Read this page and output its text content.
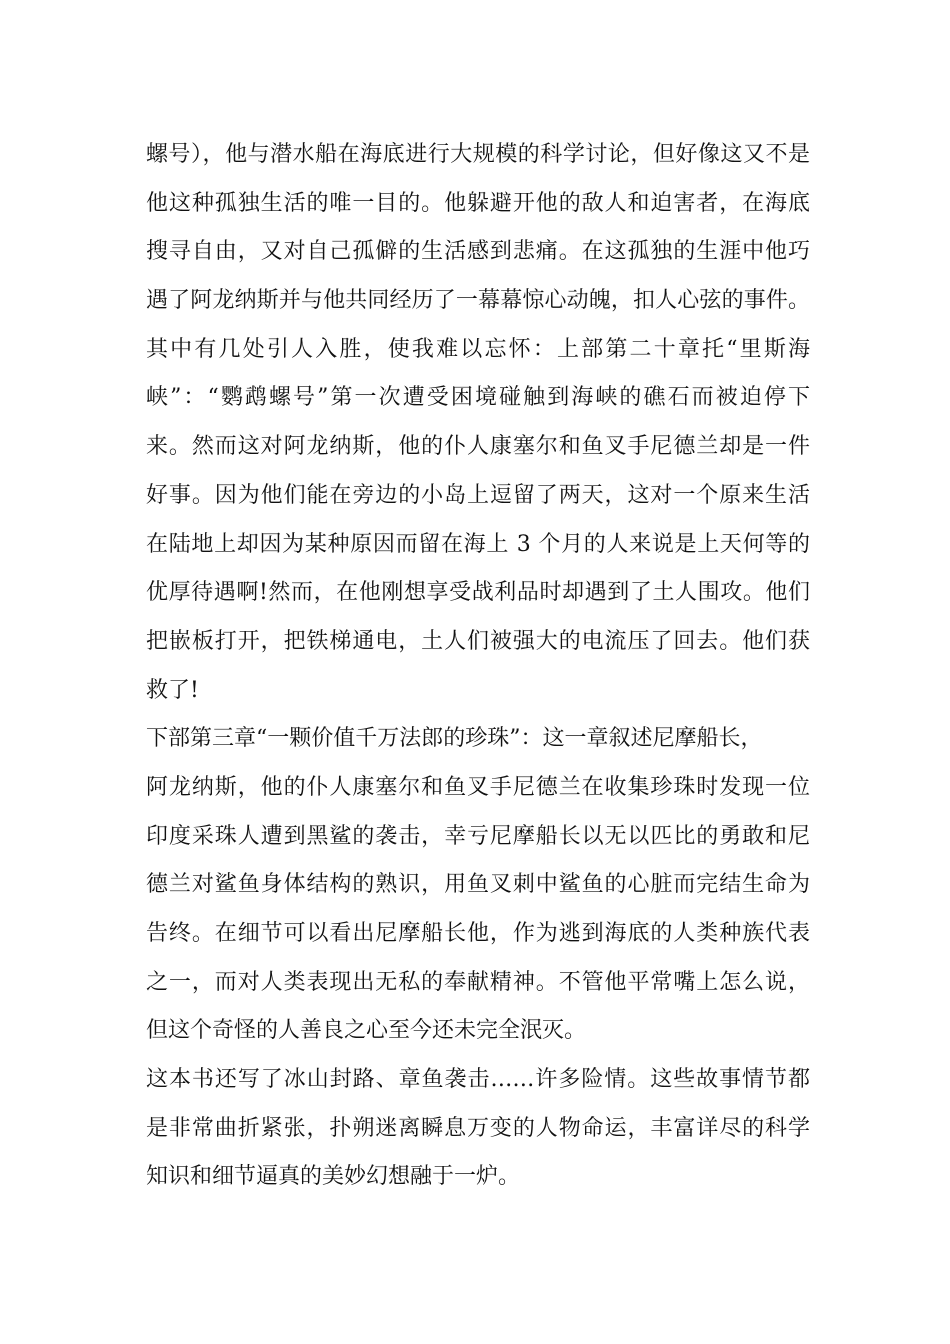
螺号），他与潜水船在海底进行大规模的科学讨论，但好像这又不是
他这种孤独生活的唯一目的。他躲避开他的敌人和迫害者，在海底
搜寻自由，又对自己孤僻的生活感到悲痛。在这孤独的生涯中他巧
遇了阿龙纳斯并与他共同经历了一幕幕惊心动魄，扣人心弦的事件。
其中有几处引人入胜，使我难以忘怀：上部第二十章托“里斯海
峡”：“鹦鹉螺号”第一次遭受困境碰触到海峡的礁石而被迫停下
来。然而这对阿龙纳斯，他的仆人康塞尔和鱼叉手尼德兰却是一件
好事。因为他们能在旁边的小岛上逗留了两天，这对一个原来生活
在陆地上却因为某种原因而留在海上 3 个月的人来说是上天何等的
优厚待遇啊!然而，在他刚想享受战利品时却遇到了土人围攻。他们
把嵌板打开，把铁梯通电，土人们被强大的电流压了回去。他们获
救了!
下部第三章“一颗价值千万法郎的珍珠”：这一章叙述尼摩船长，
阿龙纳斯，他的仆人康塞尔和鱼叉手尼德兰在收集珍珠时发现一位
印度采珠人遭到黑鲨的袭击，幸亏尼摩船长以无以匹比的勇敢和尼
德兰对鲨鱼身体结构的熟识，用鱼叉刺中鲨鱼的心脏而完结生命为
告终。在细节可以看出尼摩船长他，作为逃到海底的人类种族代表
之一，而对人类表现出无私的奉献精神。不管他平常嘴上怎么说，
但这个奇怪的人善良之心至今还未完全泯灭。
这本书还写了冰山封路、章鱼袭击……许多险情。这些故事情节都
是非常曲折紧张，扑朔迷离瞬息万变的人物命运，丰富详尽的科学
知识和细节逼真的美妙幻想融于一炉。
